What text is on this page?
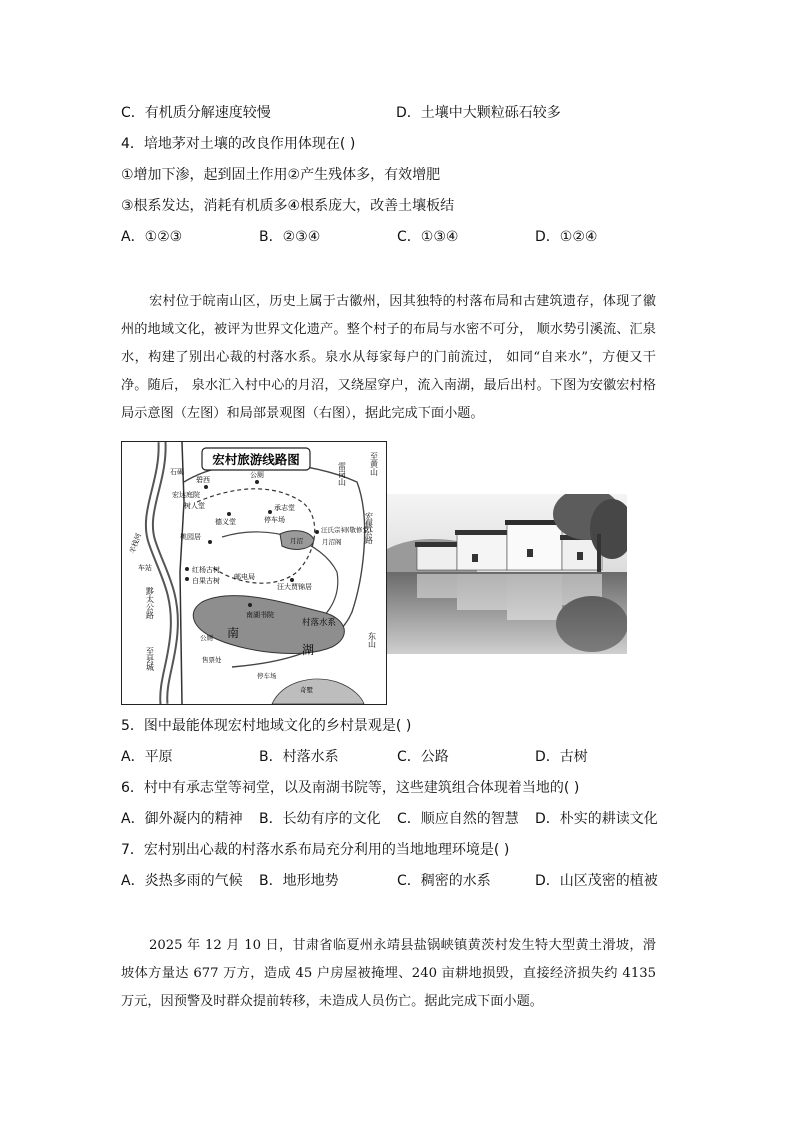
C．有机质分解速度较慢	D．土壤中大颗粒砾石较多
4．培地茅对土壤的改良作用体现在( )
①增加下渗，起到固土作用②产生残体多，有效增肥
③根系发达，消耗有机质多④根系庞大，改善土壤板结
A．①②③	B．②③④	C．①③④	D．①②④
宏村位于皖南山区，历史上属于古徽州，因其独特的村落布局和古建筑遗存，体现了徽州的地域文化，被评为世界文化遗产。整个村子的布局与水密不可分， 顺水势引溪流、汇泉水，构建了别出心裁的村落水系。泉水从每家每户的门前流过， 如同“自来水”，方便又干净。随后， 泉水汇入村中心的月沼，又绕屋穿户，流入南湖，最后出村。下图为安徽宏村格局示意图（左图）和局部景观图（右图），据此完成下面小题。
宏村旅游线路图
石碣
碧西
公厕
宏达庭院
树人堂	承志堂
停车场
德义堂
汪氏宗祠(敬修堂)
月沼	月沼阁
桃园居
红杨古树
白果古树 邮电局
汪大贾锦居
南湖书院
村落水系
南
湖
公厕
售票处
停车场
奇墅
车站
羊栈河
雷岗山	至黄山
宏偃公路
东山
黟太公路
至县城
5．图中最能体现宏村地域文化的乡村景观是( )
A．平原	B．村落水系	C．公路	D．古树
6．村中有承志堂等祠堂，以及南湖书院等，这些建筑组合体现着当地的( )
A．御外凝内的精神 B．长幼有序的文化 C．顺应自然的智慧 D．朴实的耕读文化
7．宏村别出心裁的村落水系布局充分利用的当地地理环境是( )
A．炎热多雨的气候 B．地形地势	C．稠密的水系	D．山区茂密的植被
2025 年 12 月 10 日，甘肃省临夏州永靖县盐锅峡镇黄茨村发生特大型黄土滑坡，滑坡体方量达 677 万方，造成 45 户房屋被掩埋、240 亩耕地损毁，直接经济损失约 4135 万元，因预警及时群众提前转移，未造成人员伤亡。据此完成下面小题。
